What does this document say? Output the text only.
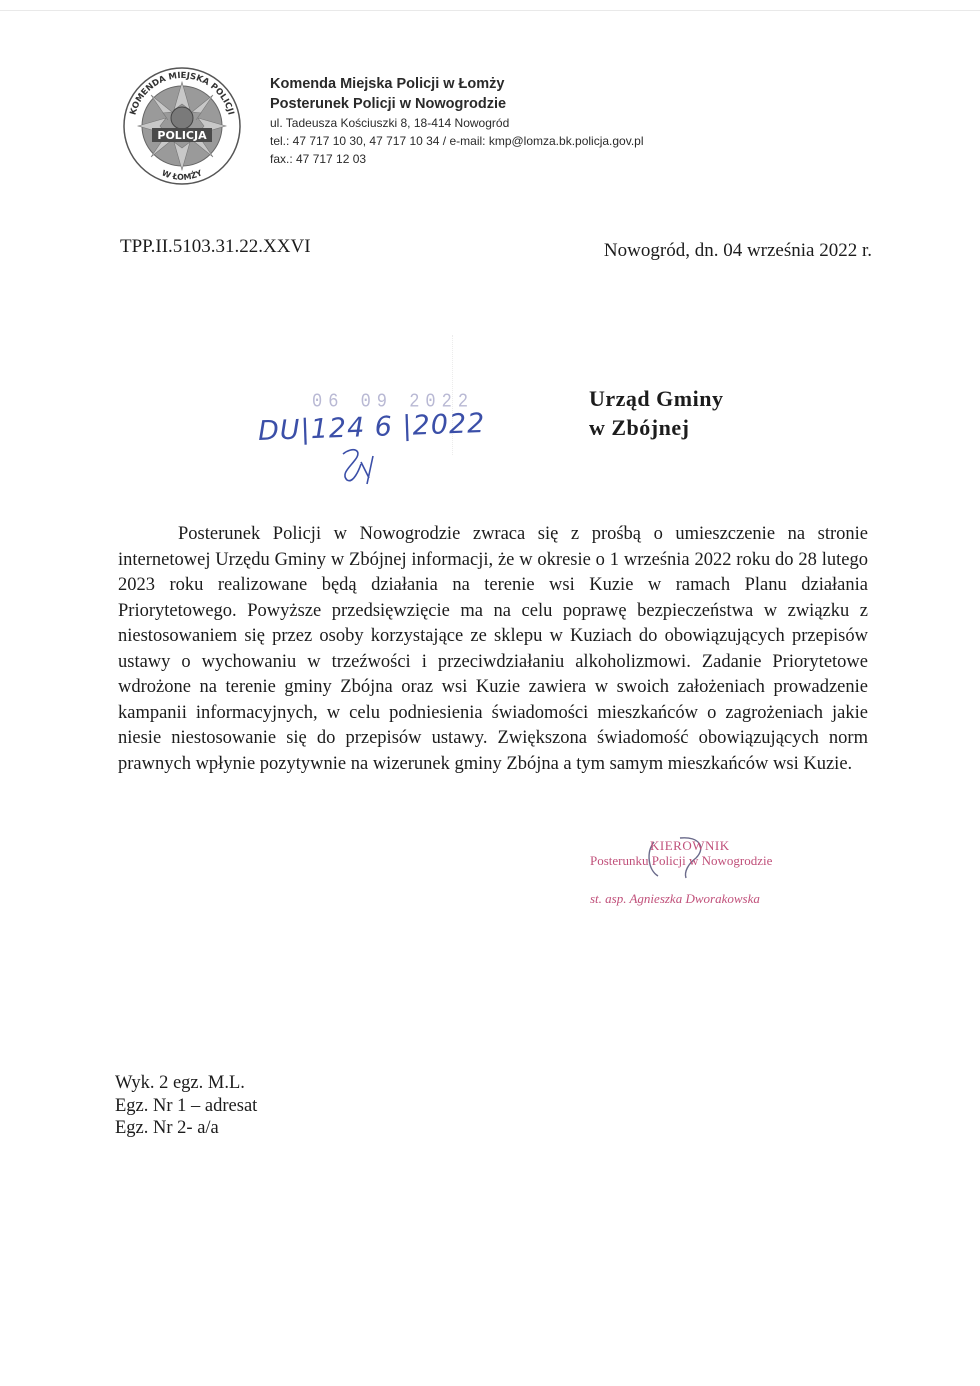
POLICJA
KOMENDA MIEJSKA POLICJI
W ŁOMŻY
Komenda Miejska Policji w Łomży
Posterunek Policji w Nowogrodzie
ul. Tadeusza Kościuszki 8, 18-414 Nowogród
tel.: 47 717 10 30, 47 717 10 34 / e-mail: kmp@lomza.bk.policja.gov.pl
fax.: 47 717 12 03
TPP.II.5103.31.22.XXVI	Nowogród, dn. 04 września 2022 r.
06 09 2022
DU|124 6 |2022
Urząd Gminy
w Zbójnej
Posterunek Policji w Nowogrodzie zwraca się z prośbą o umieszczenie na stronie internetowej Urzędu Gminy w Zbójnej informacji, że w okresie o 1 września 2022 roku do 28 lutego 2023 roku realizowane będą działania na terenie wsi Kuzie w ramach Planu działania Priorytetowego. Powyższe przedsięwzięcie ma na celu poprawę bezpieczeństwa w związku z niestosowaniem się przez osoby korzystające ze sklepu w Kuziach do obowiązujących przepisów ustawy o wychowaniu w trzeźwości i przeciwdziałaniu alkoholizmowi. Zadanie Priorytetowe wdrożone na terenie gminy Zbójna oraz wsi Kuzie zawiera w swoich założeniach prowadzenie kampanii informacyjnych, w celu podniesienia świadomości mieszkańców o zagrożeniach jakie niesie niestosowanie się do przepisów ustawy. Zwiększona świadomość obowiązujących norm prawnych wpłynie pozytywnie na wizerunek gminy Zbójna a tym samym mieszkańców wsi Kuzie.
KIEROWNIK
Posterunku Policji w Nowogrodzie
st. asp. Agnieszka Dworakowska
Wyk. 2 egz. M.L.
Egz. Nr 1 – adresat
Egz. Nr 2- a/a
